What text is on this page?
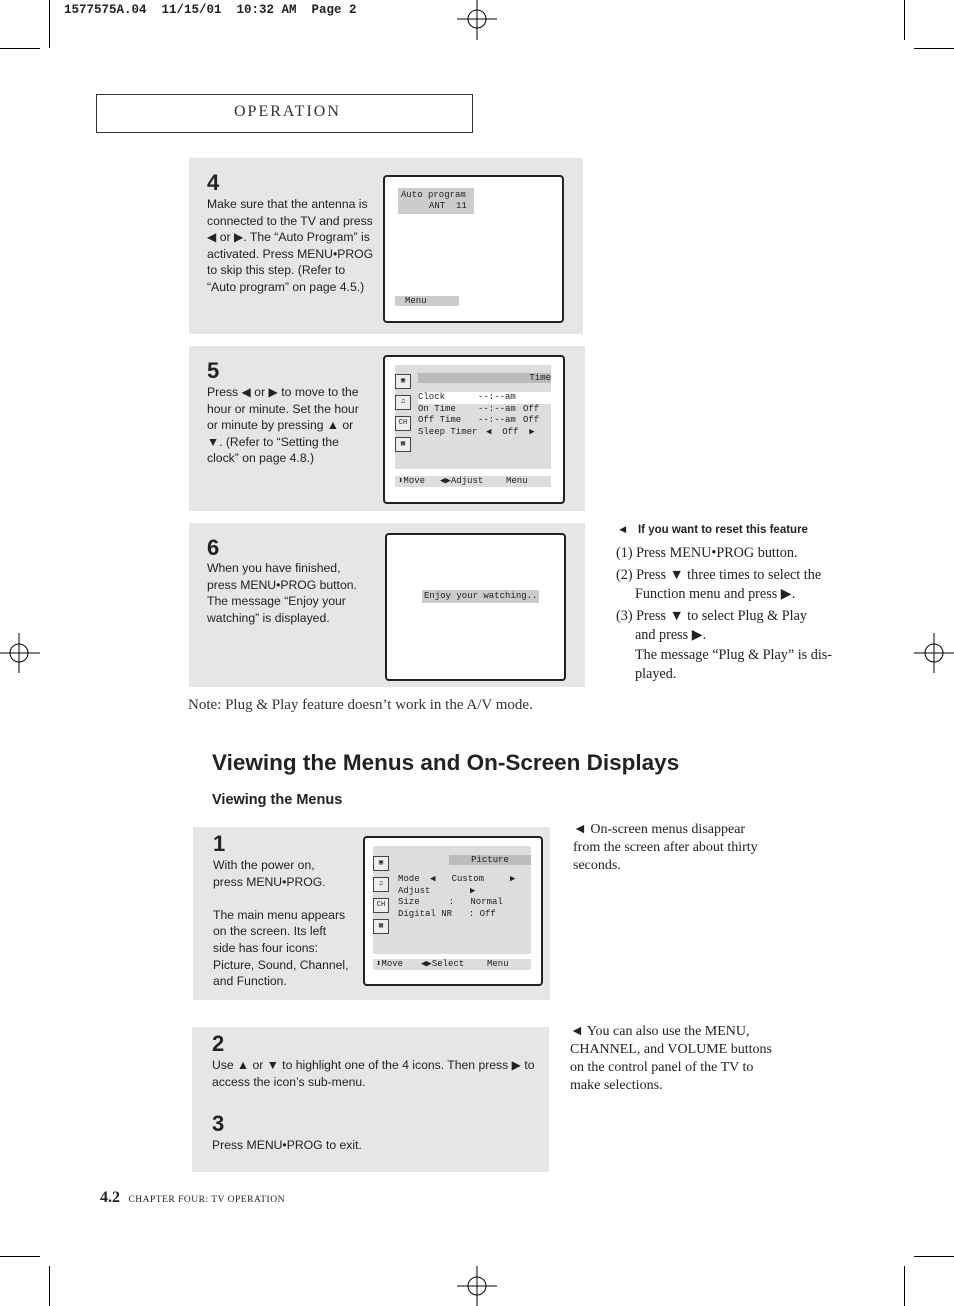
1577575A.04  11/15/01  10:32 AM  Page 2
OPERATION
4
Make sure that the antenna is
connected to the TV and press
◀ or ▶. The “Auto Program” is
activated. Press MENU•PROG
to skip this step. (Refer to
“Auto program” on page 4.5.)
Auto program
ANT  11
Menu
5
Press ◀ or ▶ to move to the
hour or minute. Set the hour
or minute by pressing ▲ or
▼. (Refer to “Setting the
clock” on page 4.8.)
▣
♫
CH
▦
Time
Clock	--:--am
On Time	--:--am Off
Off Time	--:--am Off
Sleep Timer ◀  Off  ▶
⬍Move	◀▶Adjust	Menu
6
When you have finished,
press MENU•PROG button.
The message “Enjoy your
watching” is displayed.
Enjoy your watching..
◄   If you want to reset this feature
(1) Press MENU•PROG button.
(2) Press ▼ three times to select the
Function menu and press ▶.
(3) Press ▼ to select Plug & Play
and press ▶.
The message “Plug & Play” is dis-
played.
Note: Plug & Play feature doesn’t work in the A/V mode.
Viewing the Menus and On-Screen Displays
Viewing the Menus
1
With the power on,
press MENU•PROG.
The main menu appears
on the screen. Its left
side has four icons:
Picture, Sound, Channel,
and Function.
▣
♫
CH
▦
Picture
Mode	◀   Custom	▶
Adjust	▶
Size	:   Normal
Digital NR : Off
⬍Move	◀▶Select	Menu
◄ On-screen menus disappear
from the screen after about thirty
seconds.
2
Use ▲ or ▼ to highlight one of the 4 icons. Then press ▶ to
access the icon’s sub-menu.
3
Press MENU•PROG to exit.
◄ You can also use the MENU,
CHANNEL, and VOLUME buttons
on the control panel of the TV to
make selections.
4.2 CHAPTER FOUR: TV OPERATION
